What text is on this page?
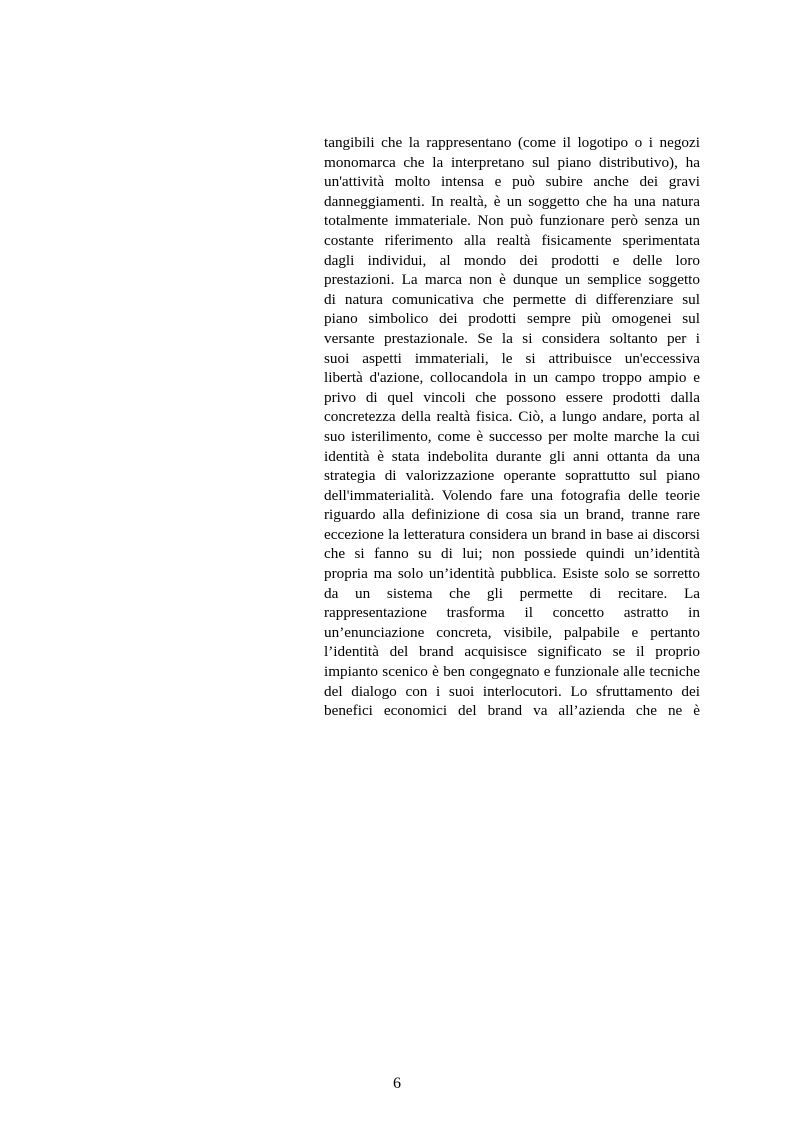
tangibili che la rappresentano (come il logotipo o i negozi
monomarca che la interpretano sul piano distributivo), ha
un'attività molto intensa e può subire anche dei gravi
danneggiamenti. In realtà, è un soggetto che ha una natura
totalmente immateriale. Non può funzionare però senza un
costante riferimento alla realtà fisicamente sperimentata
dagli individui, al mondo dei prodotti e delle loro
prestazioni. La marca non è dunque un semplice soggetto
di natura comunicativa che permette di differenziare sul
piano simbolico dei prodotti sempre più omogenei sul
versante prestazionale. Se la si considera soltanto per i
suoi aspetti immateriali, le si attribuisce un'eccessiva
libertà d'azione, collocandola in un campo troppo ampio e
privo di quel vincoli che possono essere prodotti dalla
concretezza della realtà fisica. Ciò, a lungo andare, porta al
suo isterilimento, come è successo per molte marche la cui
identità è stata indebolita durante gli anni ottanta da una
strategia di valorizzazione operante soprattutto sul piano
dell'immaterialità. Volendo fare una fotografia delle teorie
riguardo alla definizione di cosa sia un brand, tranne rare
eccezione la letteratura considera un brand in base ai discorsi
che si fanno su di lui; non possiede quindi un’identità
propria ma solo un’identità pubblica. Esiste solo se sorretto
da un sistema che gli permette di recitare. La
rappresentazione trasforma il concetto astratto in
un’enunciazione concreta, visibile, palpabile e pertanto
l’identità del brand acquisisce significato se il proprio
impianto scenico è ben congegnato e funzionale alle tecniche
del dialogo con i suoi interlocutori. Lo sfruttamento dei
benefici economici del brand va all’azienda che ne è
6
